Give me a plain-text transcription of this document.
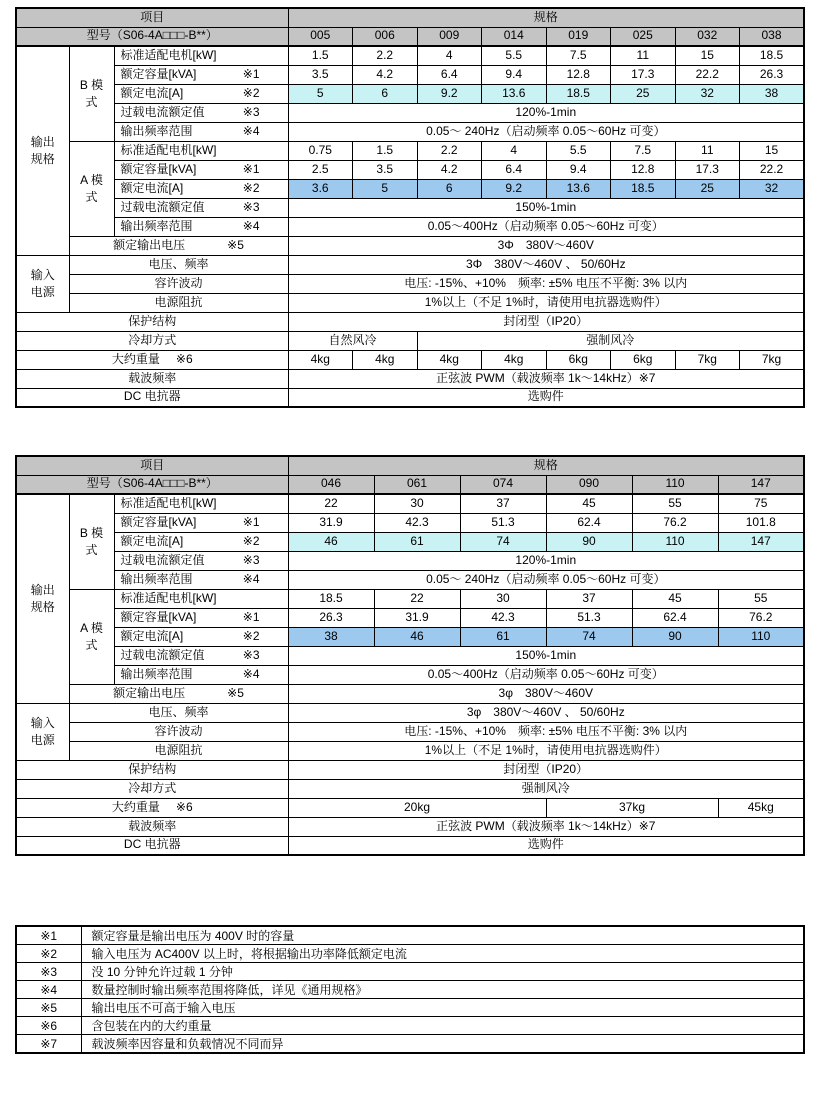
项目			规格							
型号（S06-4A□□□-B**）			005	006	009	014	019	025	032	038
输出规格	B 模式	标准适配电机[kW]	1.5	2.2	4	5.5	7.5	11	15	18.5

		额定容量[kVA] ※1	3.5	4.2	6.4	9.4	12.8	17.3	22.2	26.3

		额定电流[A] ※2	5	6	9.2	13.6	18.5	25	32	38

		过载电流额定值 ※3	120%-1min							

		输出频率范围 ※4	0.05～ 240Hz（启动频率 0.05～60Hz 可变）							
	A 模式	标准适配电机[kW]	0.75	1.5	2.2	4	5.5	7.5	11	15

		额定容量[kVA] ※1	2.5	3.5	4.2	6.4	9.4	12.8	17.3	22.2

		额定电流[A] ※2	3.6	5	6	9.2	13.6	18.5	25	32

		过载电流额定值 ※3	150%-1min							

		输出频率范围 ※4	0.05～400Hz（启动频率 0.05～60Hz 可变）							

	额定输出电压 ※5		3Φ　380V～460V							
输入电源	电压、频率		3Φ　380V～460V 、 50/60Hz							

	容许波动		电压: -15%、+10%　频率: ±5% 电压不平衡: 3% 以内							

	电源阻抗		1%以上（不足 1%时，请使用电抗器选购件）							

保护结构			封闭型（IP20）							

冷却方式			自然风冷		强制风冷					

大约重量 ※6			4kg	4kg	4kg	4kg	6kg	6kg	7kg	7kg

载波频率			正弦波 PWM（载波频率 1k～14kHz）※7							

DC 电抗器			选购件							
项目			规格					
型号（S06-4A□□□-B**）			046	061	074	090	110	147
输出规格	B 模式	标准适配电机[kW]	22	30	37	45	55	75

		额定容量[kVA] ※1	31.9	42.3	51.3	62.4	76.2	101.8

		额定电流[A] ※2	46	61	74	90	110	147

		过载电流额定值 ※3	120%-1min					

		输出频率范围 ※4	0.05～ 240Hz（启动频率 0.05～60Hz 可变）					
	A 模式	标准适配电机[kW]	18.5	22	30	37	45	55

		额定容量[kVA] ※1	26.3	31.9	42.3	51.3	62.4	76.2

		额定电流[A] ※2	38	46	61	74	90	110

		过载电流额定值 ※3	150%-1min					

		输出频率范围 ※4	0.05～400Hz（启动频率 0.05～60Hz 可变）					

	额定输出电压 ※5		3φ　380V～460V					
输入电源	电压、频率		3φ　380V～460V 、 50/60Hz					

	容许波动		电压: -15%、+10%　频率: ±5% 电压不平衡: 3% 以内					

	电源阻抗		1%以上（不足 1%时，请使用电抗器选购件）					

保护结构			封闭型（IP20）					

冷却方式			强制风冷					

大约重量 ※6			20kg			37kg		45kg

载波频率			正弦波 PWM（载波频率 1k～14kHz）※7					

DC 电抗器			选购件					
※1	额定容量是输出电压为 400V 时的容量
※2	输入电压为 AC400V 以上时，将根据输出功率降低额定电流
※3	没 10 分钟允许过载 1 分钟
※4	数量控制时输出频率范围将降低，详见《通用规格》
※5	输出电压不可高于输入电压
※6	含包装在内的大约重量
※7	载波频率因容量和负载情况不同而异
